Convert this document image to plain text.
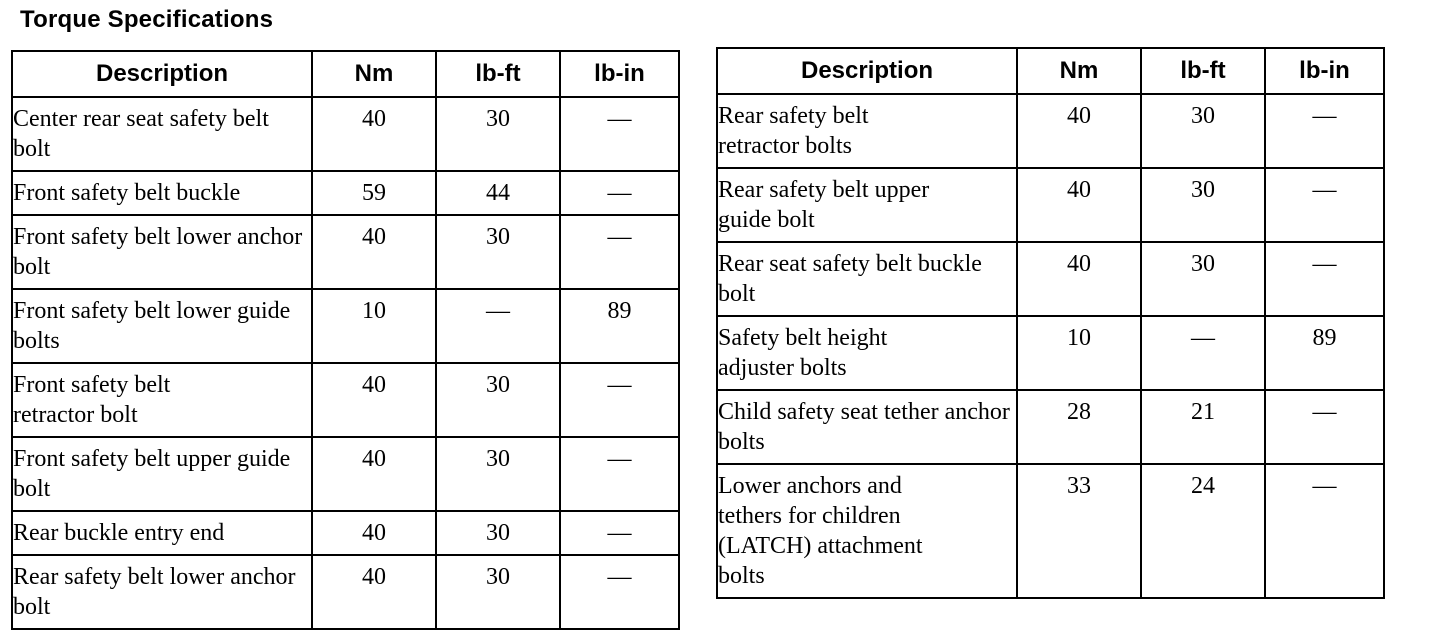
Torque Specifications
Description	Nm	lb-ft	lb-in
Center rear seat safety belt bolt	40	30	—
Front safety belt buckle	59	44	—
Front safety belt lower anchor bolt	40	30	—
Front safety belt lower guide bolts	10	—	89
Front safety belt retractor bolt	40	30	—
Front safety belt upper guide bolt	40	30	—
Rear buckle entry end	40	30	—
Rear safety belt lower anchor bolt	40	30	—
Description	Nm	lb-ft	lb-in
Rear safety belt retractor bolts	40	30	—
Rear safety belt upper guide bolt	40	30	—
Rear seat safety belt buckle bolt	40	30	—
Safety belt height adjuster bolts	10	—	89
Child safety seat tether anchor bolts	28	21	—
Lower anchors and tethers for children (LATCH) attachment bolts	33	24	—
